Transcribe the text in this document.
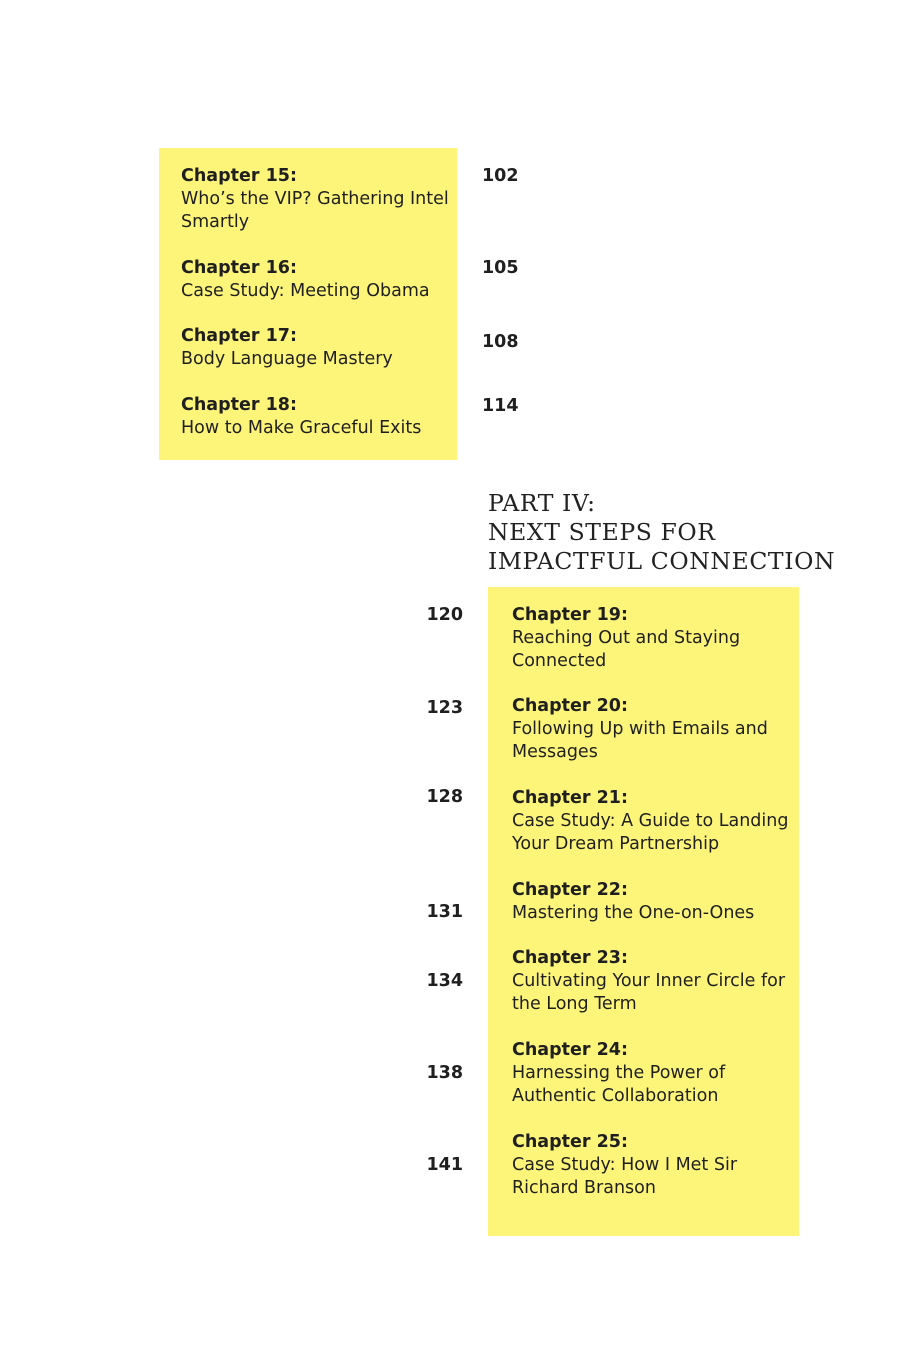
Chapter 15:
Who’s the VIP? Gathering Intel
Smartly
102
Chapter 16:
Case Study: Meeting Obama
105
Chapter 17:
Body Language Mastery
108
Chapter 18:
How to Make Graceful Exits
114
PART IV:
NEXT STEPS FOR
IMPACTFUL CONNECTION
120	Chapter 19:
Reaching Out and Staying
Connected
123	Chapter 20:
Following Up with Emails and
Messages
128	Chapter 21:
Case Study: A Guide to Landing
Your Dream Partnership
131
Chapter 22:
Mastering the One-on-Ones
134
Chapter 23:
Cultivating Your Inner Circle for
the Long Term
138
Chapter 24:
Harnessing the Power of
Authentic Collaboration
141
Chapter 25:
Case Study: How I Met Sir
Richard Branson
